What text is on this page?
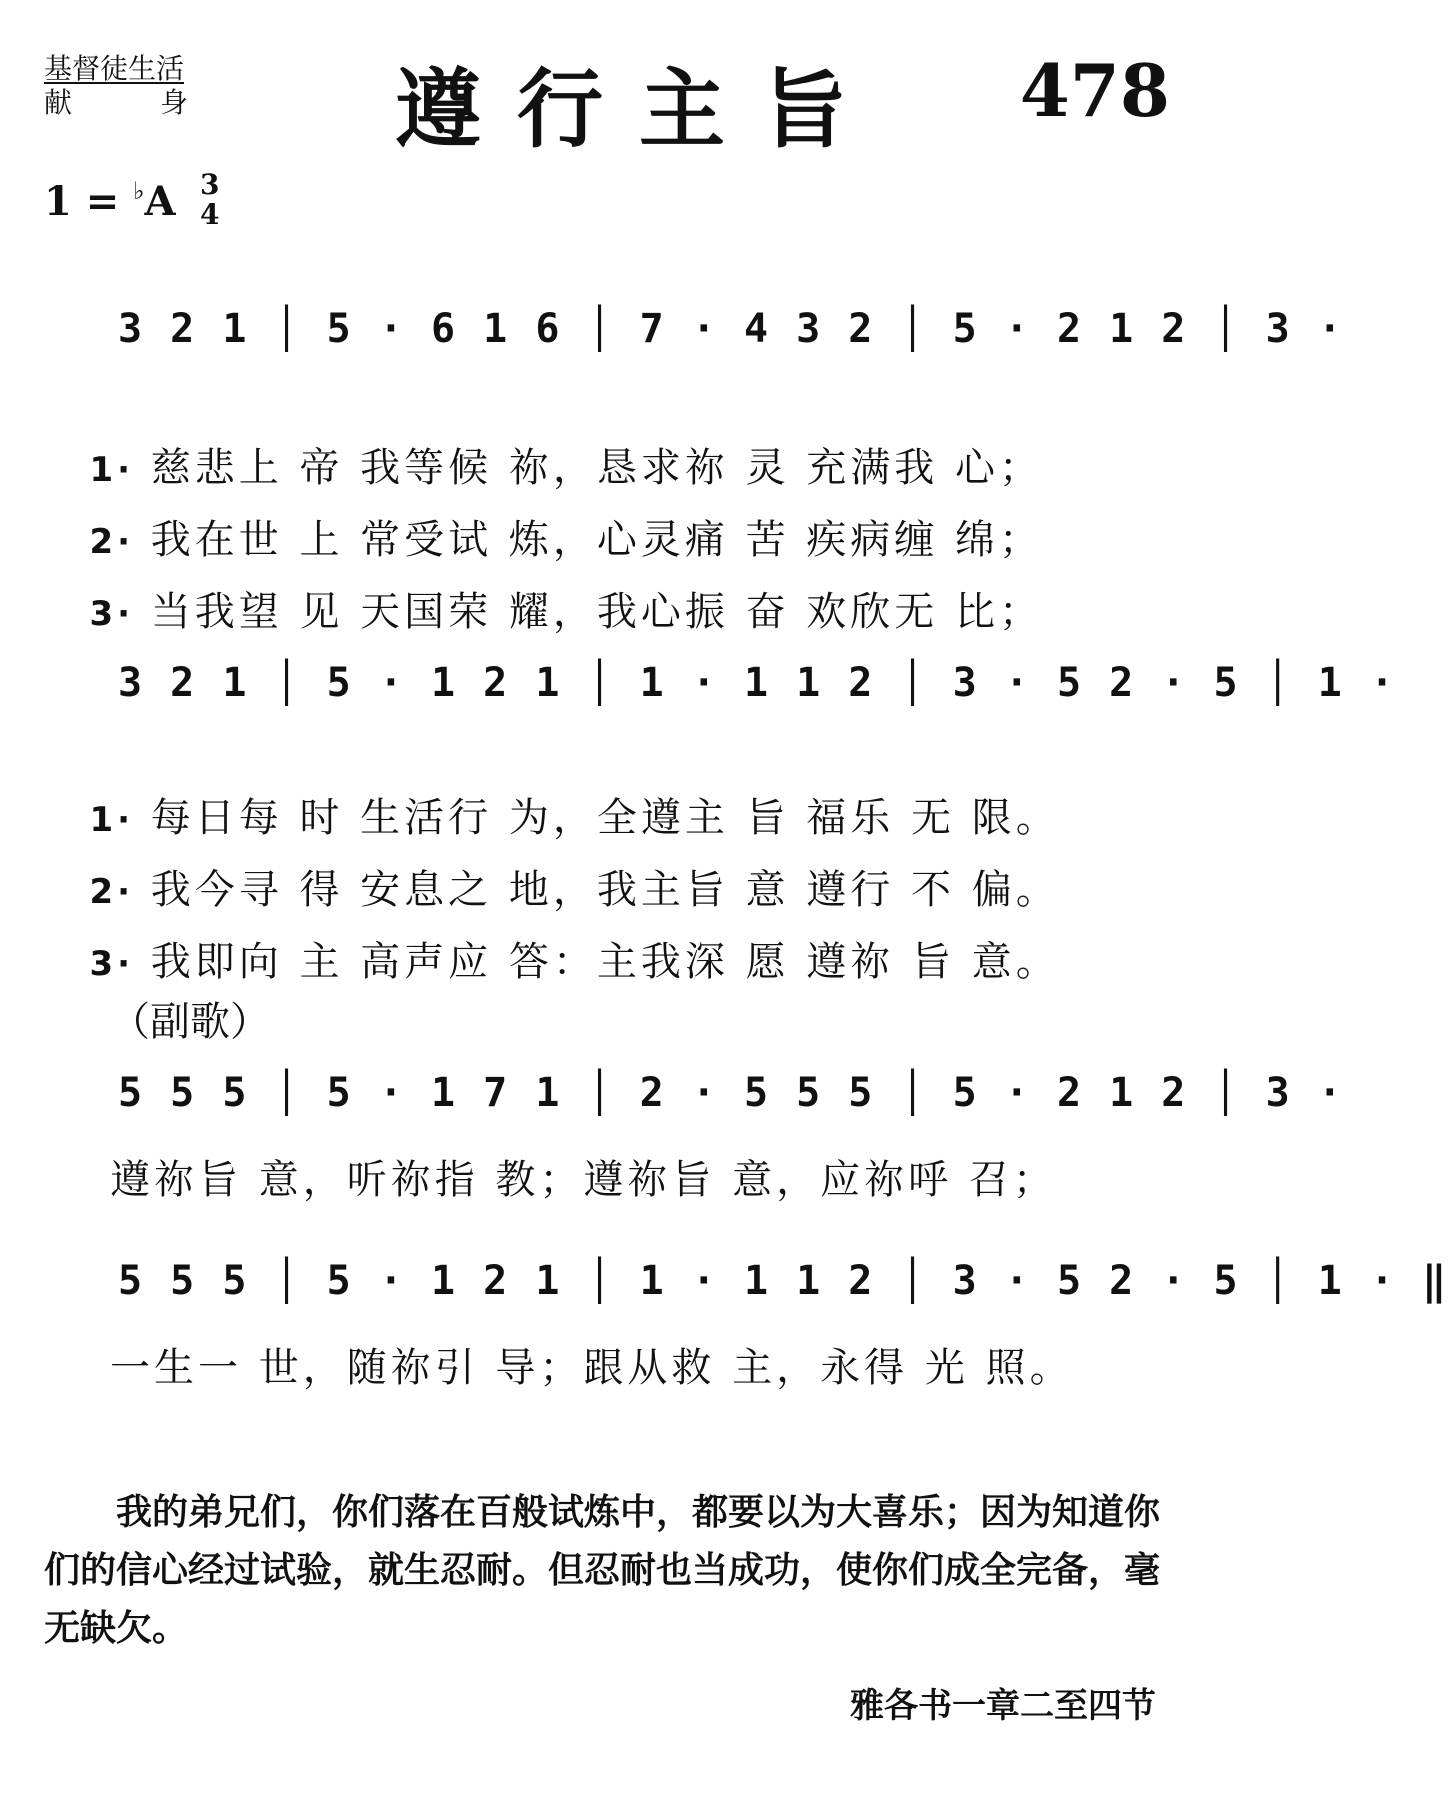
基督徒生活
献身 遵行主旨 478
1 = ♭A 3
4
3 2 1 │ 5 · 6 1 6 │ 7 · 4 3 2 │ 5 · 2 1 2 │ 3 ·

1· 慈悲上 帝 我等候 祢，恳求祢 灵 充满我 心；

2· 我在世 上 常受试 炼，心灵痛 苦 疾病缠 绵；

3· 当我望 见 天国荣 耀，我心振 奋 欢欣无 比；

3 2 1 │ 5 · 1 2 1 │ 1 · 1 1 2 │ 3 · 5 2 · 5 │ 1 ·

1· 每日每 时 生活行 为，全遵主 旨 福乐 无 限。

2· 我今寻 得 安息之 地，我主旨 意 遵行 不 偏。

3· 我即向 主 高声应 答：主我深 愿 遵祢 旨 意。

（副歌）
5 5 5 │ 5 · 1 7 1 │ 2 · 5 5 5 │ 5 · 2 1 2 │ 3 ·
遵祢旨 意，听祢指 教；遵祢旨 意，应祢呼 召；
5 5 5 │ 5 · 1 2 1 │ 1 · 1 1 2 │ 3 · 5 2 · 5 │ 1 · ‖
一生一 世，随祢引 导；跟从救 主，永得 光 照。
我的弟兄们，你们落在百般试炼中，都要以为大喜乐；因为知道你们的信心经过试验，就生忍耐。但忍耐也当成功，使你们成全完备，毫无缺欠。
雅各书一章二至四节
